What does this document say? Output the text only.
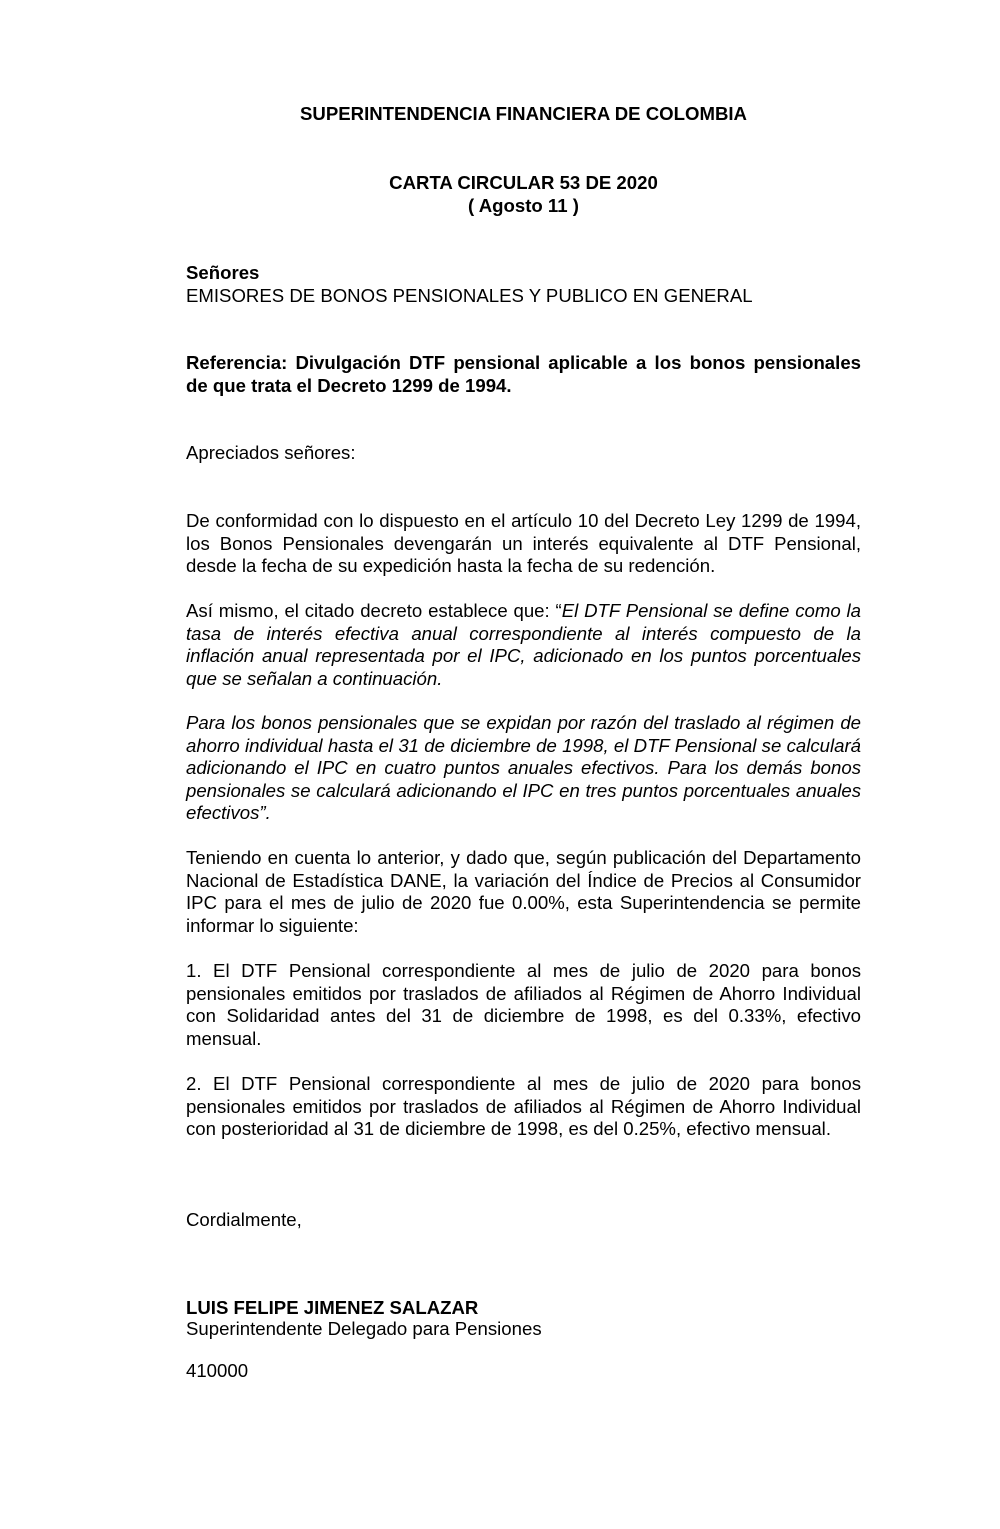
SUPERINTENDENCIA FINANCIERA DE COLOMBIA
CARTA CIRCULAR 53 DE 2020
( Agosto 11 )
Señores
EMISORES DE BONOS PENSIONALES Y PUBLICO EN GENERAL
Referencia: Divulgación DTF pensional aplicable a los bonos pensionales de que trata el Decreto 1299 de 1994.
Apreciados señores:

De conformidad con lo dispuesto en el artículo 10 del Decreto Ley 1299 de 1994, los Bonos Pensionales devengarán un interés equivalente al DTF Pensional, desde la fecha de su expedición hasta la fecha de su redención.

Así mismo, el citado decreto establece que: “El DTF Pensional se define como la tasa de interés efectiva anual correspondiente al interés compuesto de la inflación anual representada por el IPC, adicionado en los puntos porcentuales que se señalan a continuación.

Para los bonos pensionales que se expidan por razón del traslado al régimen de ahorro individual hasta el 31 de diciembre de 1998, el DTF Pensional se calculará adicionando el IPC en cuatro puntos anuales efectivos. Para los demás bonos pensionales se calculará adicionando el IPC en tres puntos porcentuales anuales efectivos”.

Teniendo en cuenta lo anterior, y dado que, según publicación del Departamento Nacional de Estadística DANE, la variación del Índice de Precios al Consumidor IPC para el mes de julio de 2020 fue 0.00%, esta Superintendencia se permite informar lo siguiente:

1. El DTF Pensional correspondiente al mes de julio de 2020 para bonos pensionales emitidos por traslados de afiliados al Régimen de Ahorro Individual con Solidaridad antes del 31 de diciembre de 1998, es del 0.33%, efectivo mensual.

2. El DTF Pensional correspondiente al mes de julio de 2020 para bonos pensionales emitidos por traslados de afiliados al Régimen de Ahorro Individual con posterioridad al 31 de diciembre de 1998, es del 0.25%, efectivo mensual.

Cordialmente,
LUIS FELIPE JIMENEZ SALAZAR
Superintendente Delegado para Pensiones
410000
